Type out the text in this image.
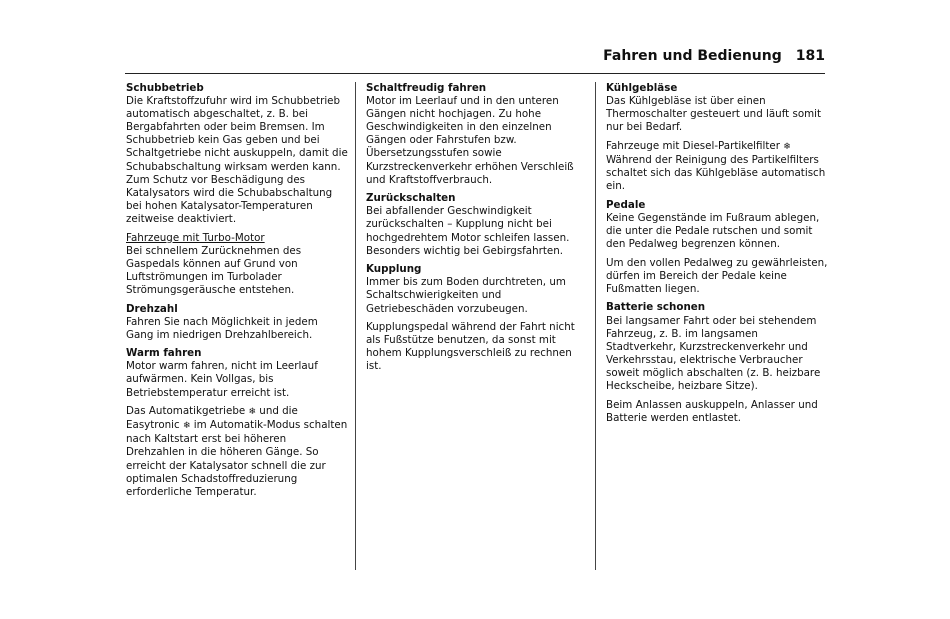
Fahren und Bedienung 181
Schubbetrieb
Die Kraftstoffzufuhr wird im Schubbetrieb automatisch abgeschaltet, z. B. bei Bergabfahrten oder beim Bremsen. Im Schubbetrieb kein Gas geben und bei Schaltgetriebe nicht auskuppeln, damit die Schubabschaltung wirksam werden kann. Zum Schutz vor Beschädigung des Katalysators wird die Schubabschaltung bei hohen Katalysator-Temperaturen zeitweise deaktiviert.
Fahrzeuge mit Turbo-Motor
Bei schnellem Zurücknehmen des Gaspedals können auf Grund von Luftströmungen im Turbolader Strömungsgeräusche entstehen.
Drehzahl
Fahren Sie nach Möglichkeit in jedem Gang im niedrigen Drehzahlbereich.
Warm fahren
Motor warm fahren, nicht im Leerlauf aufwärmen. Kein Vollgas, bis Betriebstemperatur erreicht ist.

Das Automatikgetriebe ❄ und die Easytronic ❄ im Automatik-Modus schalten nach Kaltstart erst bei höheren Drehzahlen in die höheren Gänge. So erreicht der Katalysator schnell die zur optimalen Schadstoffreduzierung erforderliche Temperatur.

Schaltfreudig fahren
Motor im Leerlauf und in den unteren Gängen nicht hochjagen. Zu hohe Geschwindigkeiten in den einzelnen Gängen oder Fahrstufen bzw. Übersetzungsstufen sowie Kurzstreckenverkehr erhöhen Verschleiß und Kraftstoffverbrauch.
Zurückschalten
Bei abfallender Geschwindigkeit zurückschalten – Kupplung nicht bei hochgedrehtem Motor schleifen lassen. Besonders wichtig bei Gebirgsfahrten.
Kupplung
Immer bis zum Boden durchtreten, um Schaltschwierigkeiten und Getriebeschäden vorzubeugen.

Kupplungspedal während der Fahrt nicht als Fußstütze benutzen, da sonst mit hohem Kupplungsverschleiß zu rechnen ist.

Kühlgebläse
Das Kühlgebläse ist über einen Thermoschalter gesteuert und läuft somit nur bei Bedarf.

Fahrzeuge mit Diesel-Partikelfilter ❄ Während der Reinigung des Partikelfilters schaltet sich das Kühlgebläse automatisch ein.

Pedale
Keine Gegenstände im Fußraum ablegen, die unter die Pedale rutschen und somit den Pedalweg begrenzen können.

Um den vollen Pedalweg zu gewährleisten, dürfen im Bereich der Pedale keine Fußmatten liegen.

Batterie schonen
Bei langsamer Fahrt oder bei stehendem Fahrzeug, z. B. im langsamen Stadtverkehr, Kurzstreckenverkehr und Verkehrsstau, elektrische Verbraucher soweit möglich abschalten (z. B. heizbare Heckscheibe, heizbare Sitze).

Beim Anlassen auskuppeln, Anlasser und Batterie werden entlastet.
